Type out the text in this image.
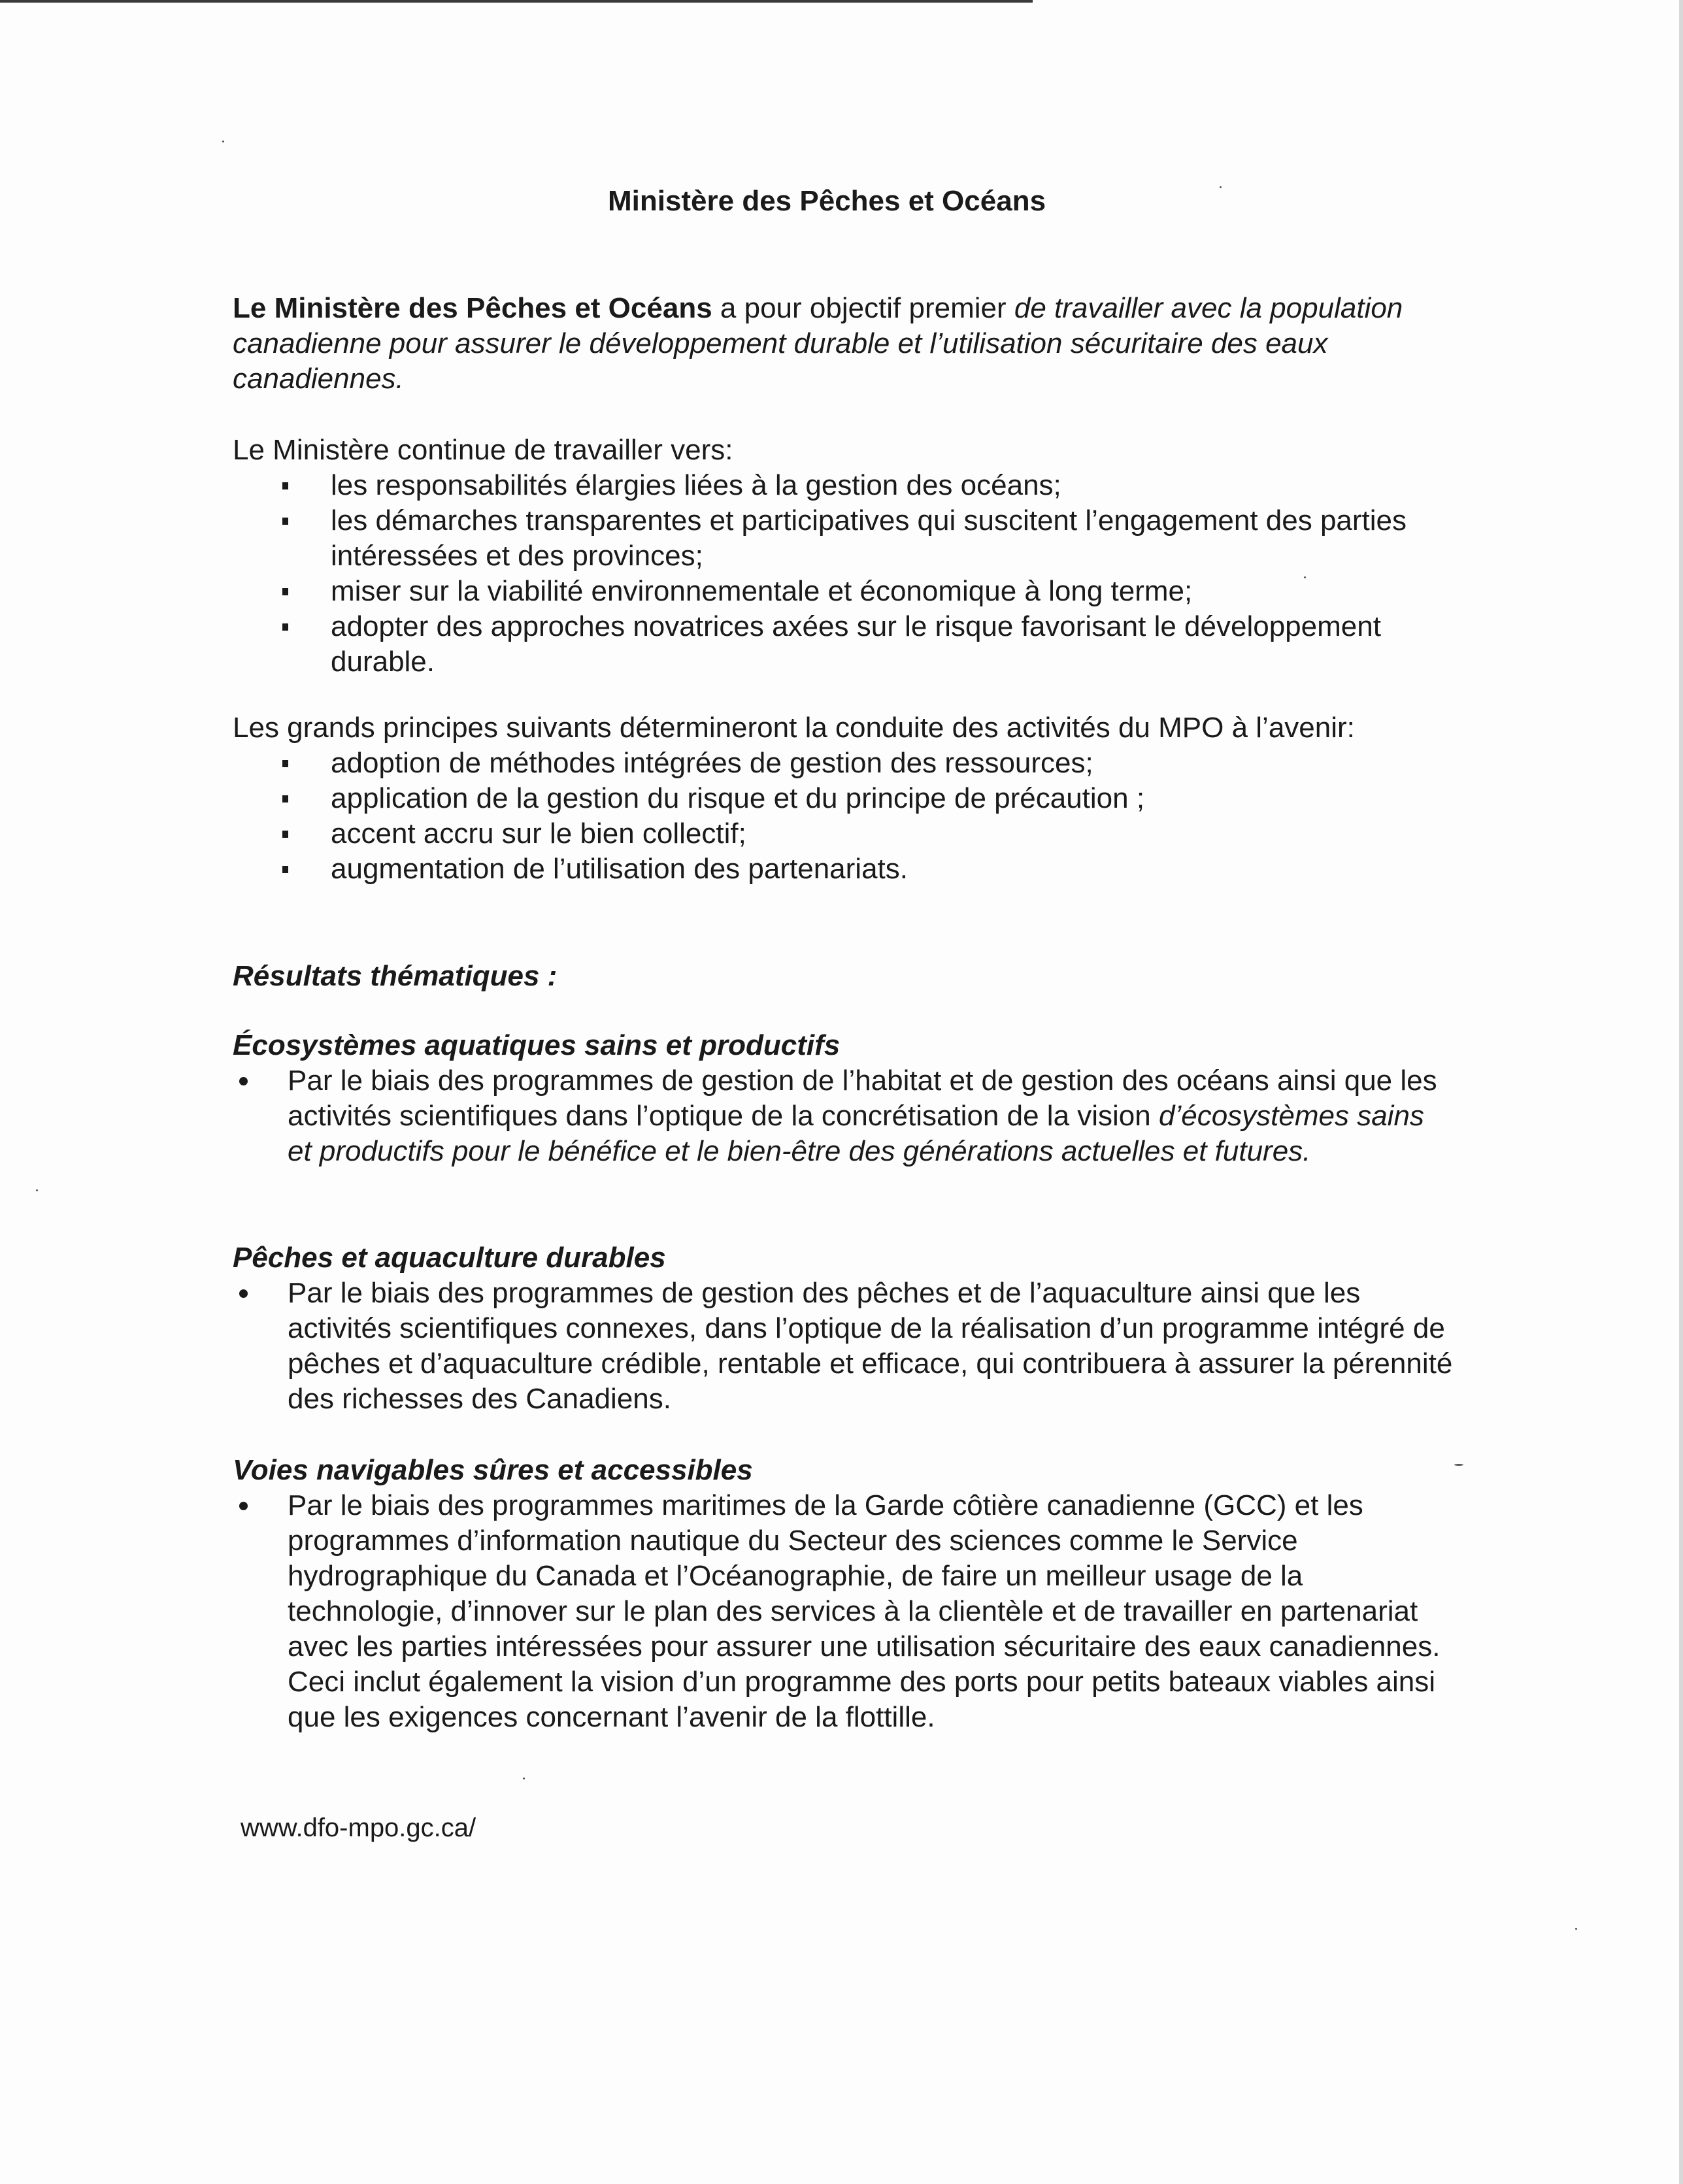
Ministère des Pêches et Océans

Le Ministère des Pêches et Océans a pour objectif premier de travailler avec la population canadienne pour assurer le développement durable et l’utilisation sécuritaire des eaux canadiennes.

Le Ministère continue de travailler vers:

les responsabilités élargies liées à la gestion des océans;
les démarches transparentes et participatives qui suscitent l’engagement des parties intéressées et des provinces;
miser sur la viabilité environnementale et économique à long terme;
adopter des approches novatrices axées sur le risque favorisant le développement durable.

Les grands principes suivants détermineront la conduite des activités du MPO à l’avenir:

adoption de méthodes intégrées de gestion des ressources;
application de la gestion du risque et du principe de précaution ;
accent accru sur le bien collectif;
augmentation de l’utilisation des partenariats.

Résultats thématiques :

Écosystèmes aquatiques sains et productifs

Par le biais des programmes de gestion de l’habitat et de gestion des océans ainsi que les activités scientifiques dans l’optique de la concrétisation de la vision d’écosystèmes sains et productifs pour le bénéfice et le bien-être des générations actuelles et futures.

Pêches et aquaculture durables

Par le biais des programmes de gestion des pêches et de l’aquaculture ainsi que les activités scientifiques connexes, dans l’optique de la réalisation d’un programme intégré de pêches et d’aquaculture crédible, rentable et efficace, qui contribuera à assurer la pérennité des richesses des Canadiens.

Voies navigables sûres et accessibles

Par le biais des programmes maritimes de la Garde côtière canadienne (GCC) et les programmes d’information nautique du Secteur des sciences comme le Service hydrographique du Canada et l’Océanographie, de faire un meilleur usage de la technologie, d’innover sur le plan des services à la clientèle et de travailler en partenariat avec les parties intéressées pour assurer une utilisation sécuritaire des eaux canadiennes. Ceci inclut également la vision d’un programme des ports pour petits bateaux viables ainsi que les exigences concernant l’avenir de la flottille.

www.dfo-mpo.gc.ca/
